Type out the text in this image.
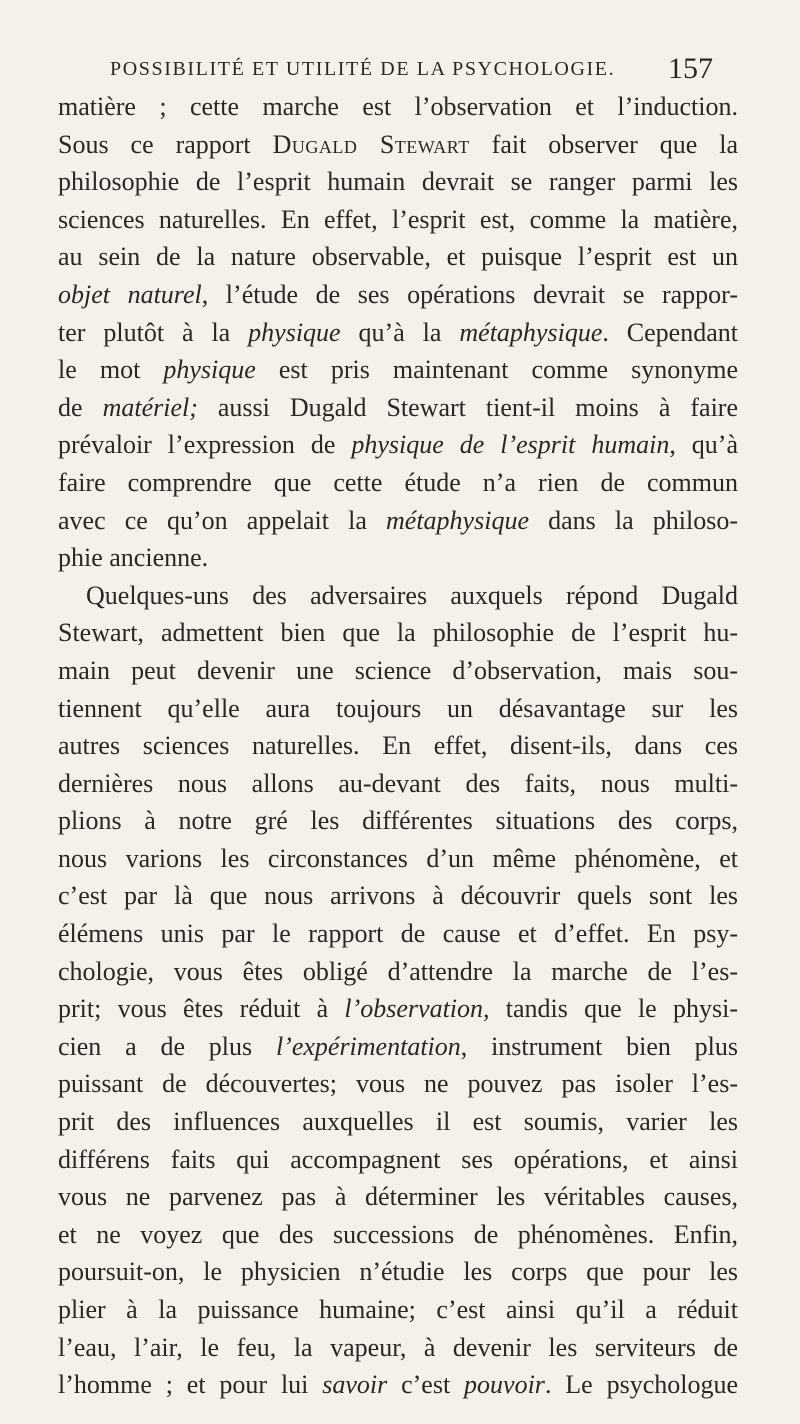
POSSIBILITÉ ET UTILITÉ DE LA PSYCHOLOGIE. 157
matière ; cette marche est l’observation et l’induction.
Sous ce rapport Dugald Stewart fait observer que la
philosophie de l’esprit humain devrait se ranger parmi les
sciences naturelles. En effet, l’esprit est, comme la matière,
au sein de la nature observable, et puisque l’esprit est un
objet naturel, l’étude de ses opérations devrait se rappor-
ter plutôt à la physique qu’à la métaphysique. Cependant
le mot physique est pris maintenant comme synonyme
de matériel; aussi Dugald Stewart tient-il moins à faire
prévaloir l’expression de physique de l’esprit humain, qu’à
faire comprendre que cette étude n’a rien de commun
avec ce qu’on appelait la métaphysique dans la philoso-
phie ancienne.
Quelques-uns des adversaires auxquels répond Dugald
Stewart, admettent bien que la philosophie de l’esprit hu-
main peut devenir une science d’observation, mais sou-
tiennent qu’elle aura toujours un désavantage sur les
autres sciences naturelles. En effet, disent-ils, dans ces
dernières nous allons au-devant des faits, nous multi-
plions à notre gré les différentes situations des corps,
nous varions les circonstances d’un même phénomène, et
c’est par là que nous arrivons à découvrir quels sont les
élémens unis par le rapport de cause et d’effet. En psy-
chologie, vous êtes obligé d’attendre la marche de l’es-
prit; vous êtes réduit à l’observation, tandis que le physi-
cien a de plus l’expérimentation, instrument bien plus
puissant de découvertes; vous ne pouvez pas isoler l’es-
prit des influences auxquelles il est soumis, varier les
différens faits qui accompagnent ses opérations, et ainsi
vous ne parvenez pas à déterminer les véritables causes,
et ne voyez que des successions de phénomènes. Enfin,
poursuit-on, le physicien n’étudie les corps que pour les
plier à la puissance humaine; c’est ainsi qu’il a réduit
l’eau, l’air, le feu, la vapeur, à devenir les serviteurs de
l’homme ; et pour lui savoir c’est pouvoir. Le psychologue
